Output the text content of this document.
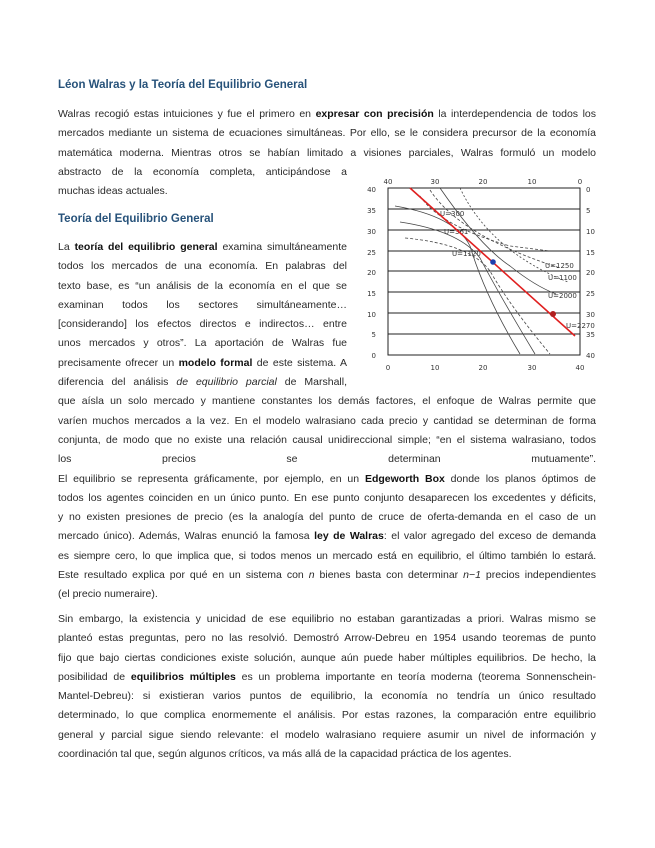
Léon Walras y la Teoría del Equilibrio General

Walras recogió estas intuiciones y fue el primero en expresar con precisión la interdependencia de todos los
mercados mediante un sistema de ecuaciones simultáneas. Por ello, se le considera precursor de la economía
matemática moderna. Mientras otros se habían limitado a visiones parciales, Walras formuló un modelo
abstracto de la economía completa, anticipándose a
muchas ideas actuales.

Teoría del Equilibrio General

La teoría del equilibrio general examina simultáneamente
todos los mercados de una economía. En palabras del
texto base, es “un análisis de la economía en el que se
examinan todos los sectores simultáneamente…
[considerando] los efectos directos e indirectos… entre
unos mercados y otros”. La aportación de Walras fue
precisamente ofrecer un modelo formal de este sistema. A
diferencia del análisis de equilibrio parcial de Marshall,
que aísla un solo mercado y mantiene constantes los demás factores, el enfoque de Walras permite que
varíen muchos mercados a la vez. En el modelo walrasiano cada precio y cantidad se determinan de forma
conjunta, de modo que no existe una relación causal unidireccional simple; “en el sistema walrasiano, todos
los precios se determinan mutuamente”.
El equilibrio se representa gráficamente, por ejemplo, en un Edgeworth Box donde los planos óptimos de
todos los agentes coinciden en un único punto. En ese punto conjunto desaparecen los excedentes y déficits,
y no existen presiones de precio (es la analogía del punto de cruce de oferta-demanda en el caso de un
mercado único). Además, Walras enunció la famosa ley de Walras: el valor agregado del exceso de demanda
es siempre cero, lo que implica que, si todos menos un mercado está en equilibrio, el último también lo estará.
Este resultado explica por qué en un sistema con n bienes basta con determinar n−1 precios independientes
(el precio numeraire).

Sin embargo, la existencia y unicidad de ese equilibrio no estaban garantizadas a priori. Walras mismo se
planteó estas preguntas, pero no las resolvió. Demostró Arrow-Debreu en 1954 usando teoremas de punto
fijo que bajo ciertas condiciones existe solución, aunque aún puede haber múltiples equilibrios. De hecho, la
posibilidad de equilibrios múltiples es un problema importante en teoría moderna (teorema Sonnenschein-
Mantel-Debreu): si existieran varios puntos de equilibrio, la economía no tendría un único resultado
determinado, lo que complica enormemente el análisis. Por estas razones, la comparación entre equilibrio
general y parcial sigue siendo relevante: el modelo walrasiano requiere asumir un nivel de información y
coordinación tal que, según algunos críticos, va más allá de la capacidad práctica de los agentes.

40	30	20	10	0
40
35
30
25
20
15
10
5
0
0
5
10
15
20
25
30
35
40
0	10	20	30	40
U=300
U=361
U=1120
U=1250
U=1100
U=2000
U=2270
